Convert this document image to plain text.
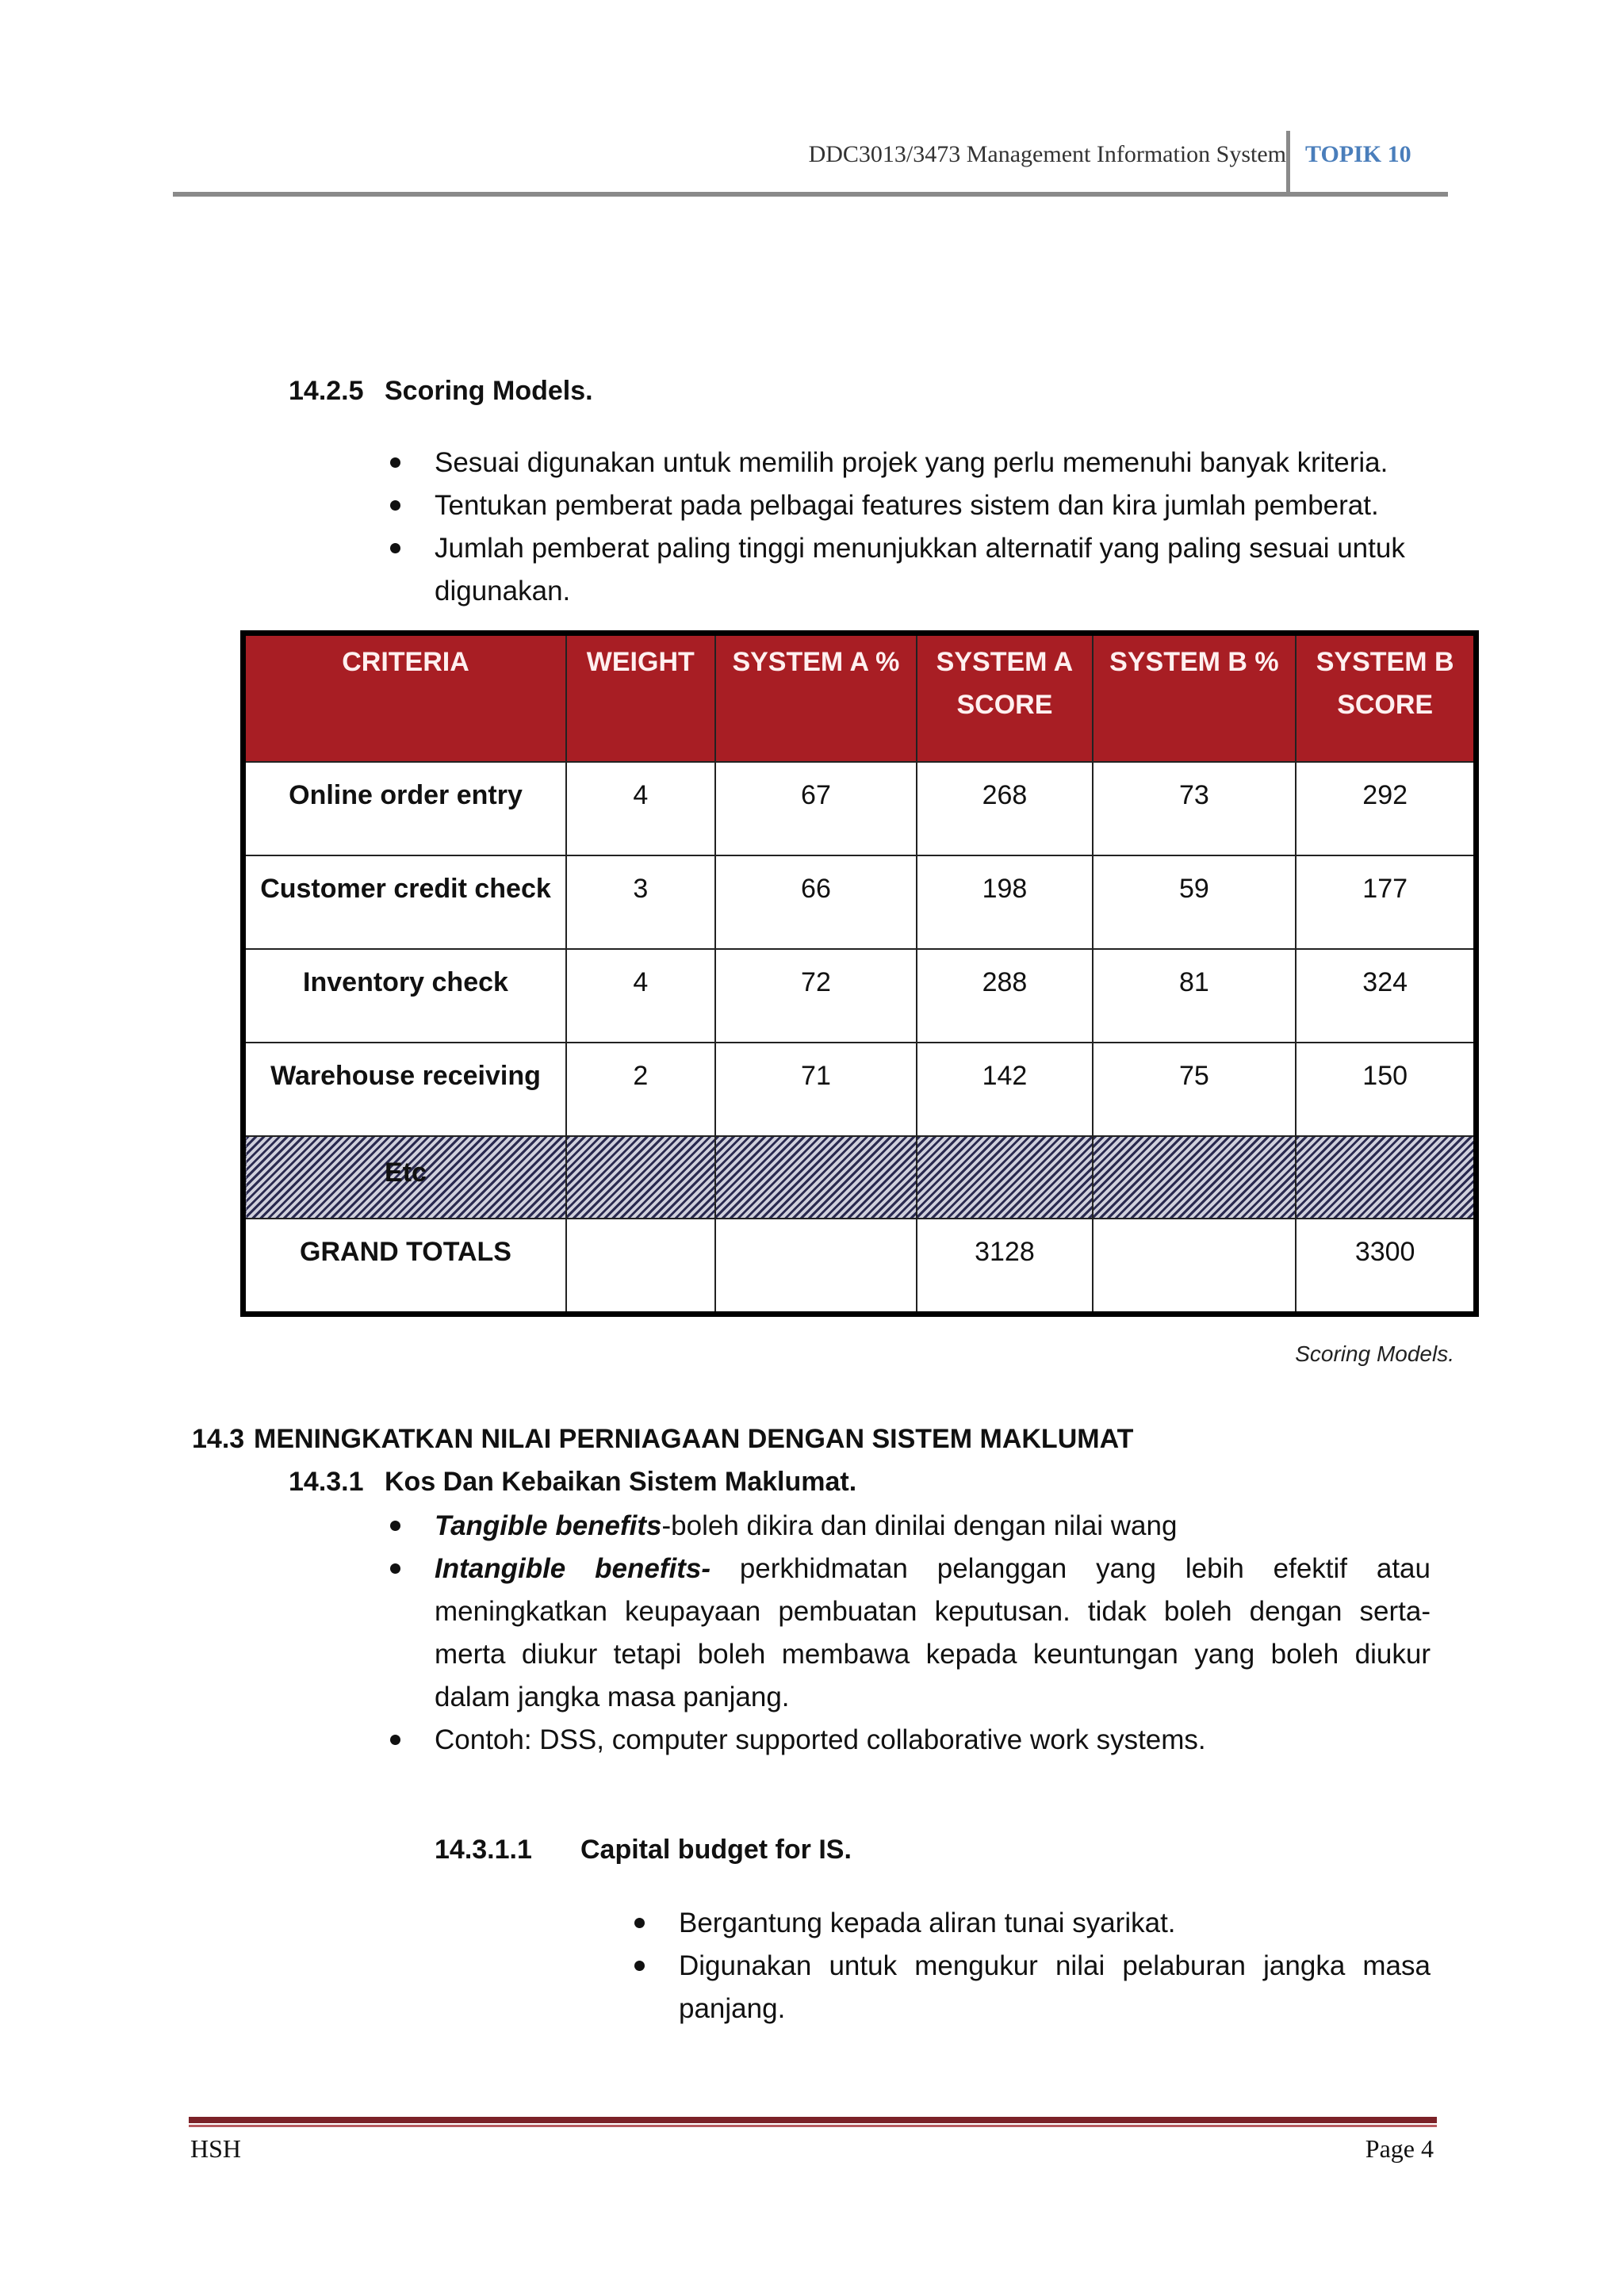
DDC3013/3473 Management Information System TOPIK 10
14.2.5 Scoring Models.
Sesuai digunakan untuk memilih projek yang perlu memenuhi banyak kriteria.
Tentukan pemberat pada pelbagai features sistem dan kira jumlah pemberat.
Jumlah pemberat paling tinggi menunjukkan alternatif yang paling sesuai untuk digunakan.
CRITERIA	WEIGHT	SYSTEM A %	SYSTEM A SCORE	SYSTEM B %	SYSTEM B SCORE
Online order entry	4	67	268	73	292
Customer credit check	3	66	198	59	177
Inventory check	4	72	288	81	324
Warehouse receiving	2	71	142	75	150
Etc					
GRAND TOTALS			3128		3300
Scoring Models.
14.3 MENINGKATKAN NILAI PERNIAGAAN DENGAN SISTEM MAKLUMAT
14.3.1 Kos Dan Kebaikan Sistem Maklumat.
Tangible benefits-boleh dikira dan dinilai dengan nilai wang
Intangible benefits- perkhidmatan pelanggan yang lebih efektif atau meningkatkan keupayaan pembuatan keputusan. tidak boleh dengan serta-merta diukur tetapi boleh membawa kepada keuntungan yang boleh diukur dalam jangka masa panjang.
Contoh: DSS, computer supported collaborative work systems.
14.3.1.1 Capital budget for IS.
Bergantung kepada aliran tunai syarikat.
Digunakan untuk mengukur nilai pelaburan jangka masa panjang.
HSH	Page 4
